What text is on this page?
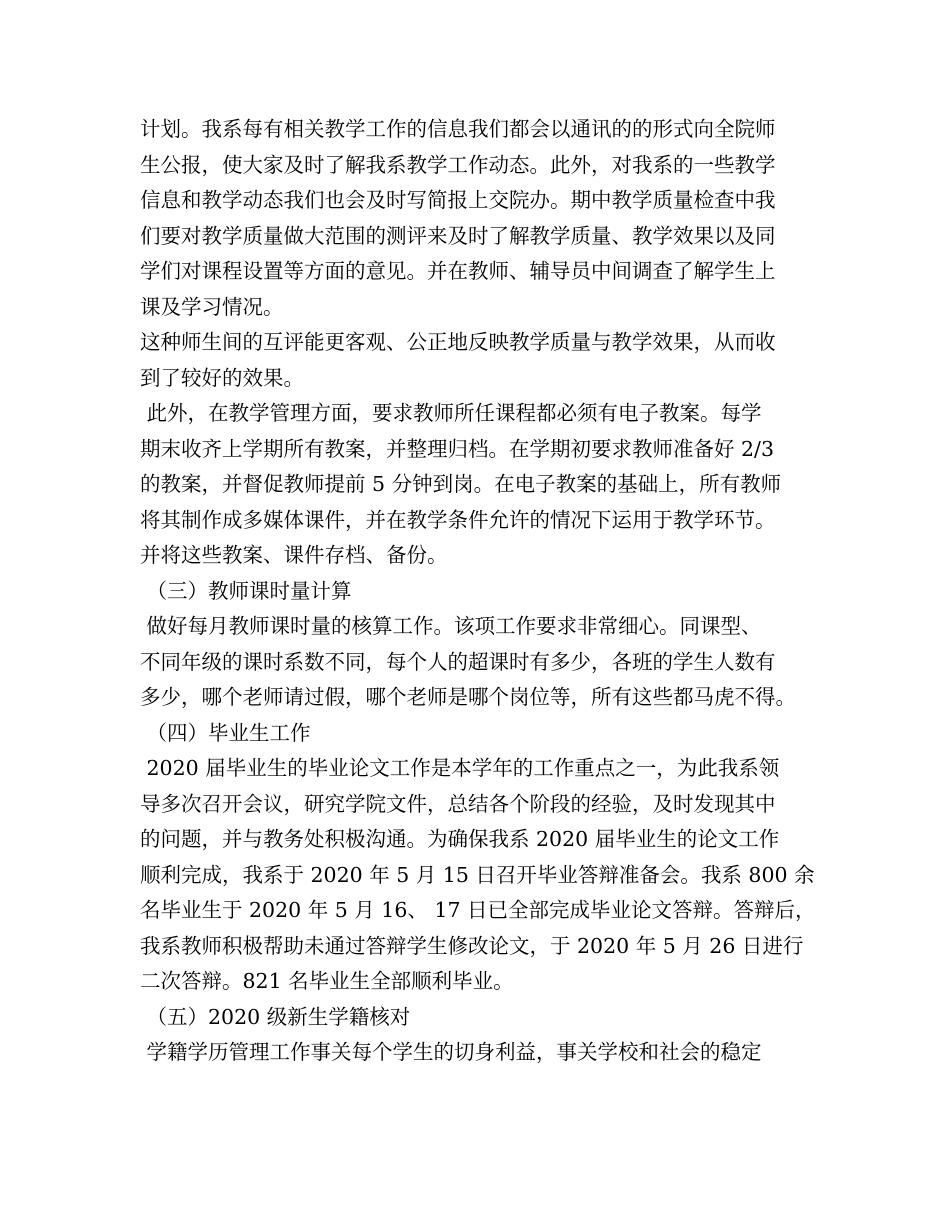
计划。我系每有相关教学工作的信息我们都会以通讯的的形式向全院师
生公报，使大家及时了解我系教学工作动态。此外，对我系的一些教学
信息和教学动态我们也会及时写简报上交院办。期中教学质量检查中我
们要对教学质量做大范围的测评来及时了解教学质量、教学效果以及同
学们对课程设置等方面的意见。并在教师、辅导员中间调查了解学生上
课及学习情况。
这种师生间的互评能更客观、公正地反映教学质量与教学效果，从而收
到了较好的效果。
此外，在教学管理方面，要求教师所任课程都必须有电子教案。每学
期末收齐上学期所有教案，并整理归档。在学期初要求教师准备好 2/3
的教案，并督促教师提前 5 分钟到岗。在电子教案的基础上，所有教师
将其制作成多媒体课件，并在教学条件允许的情况下运用于教学环节。
并将这些教案、课件存档、备份。
（三）教师课时量计算
做好每月教师课时量的核算工作。该项工作要求非常细心。同课型、
不同年级的课时系数不同，每个人的超课时有多少，各班的学生人数有
多少，哪个老师请过假，哪个老师是哪个岗位等，所有这些都马虎不得。
（四）毕业生工作
2020 届毕业生的毕业论文工作是本学年的工作重点之一，为此我系领
导多次召开会议，研究学院文件，总结各个阶段的经验，及时发现其中
的问题，并与教务处积极沟通。为确保我系 2020 届毕业生的论文工作
顺利完成，我系于 2020 年 5 月 15 日召开毕业答辩准备会。我系 800 余
名毕业生于 2020 年 5 月 16、 17 日已全部完成毕业论文答辩。答辩后，
我系教师积极帮助未通过答辩学生修改论文，于 2020 年 5 月 26 日进行
二次答辩。821 名毕业生全部顺利毕业。
（五）2020 级新生学籍核对
学籍学历管理工作事关每个学生的切身利益，事关学校和社会的稳定
